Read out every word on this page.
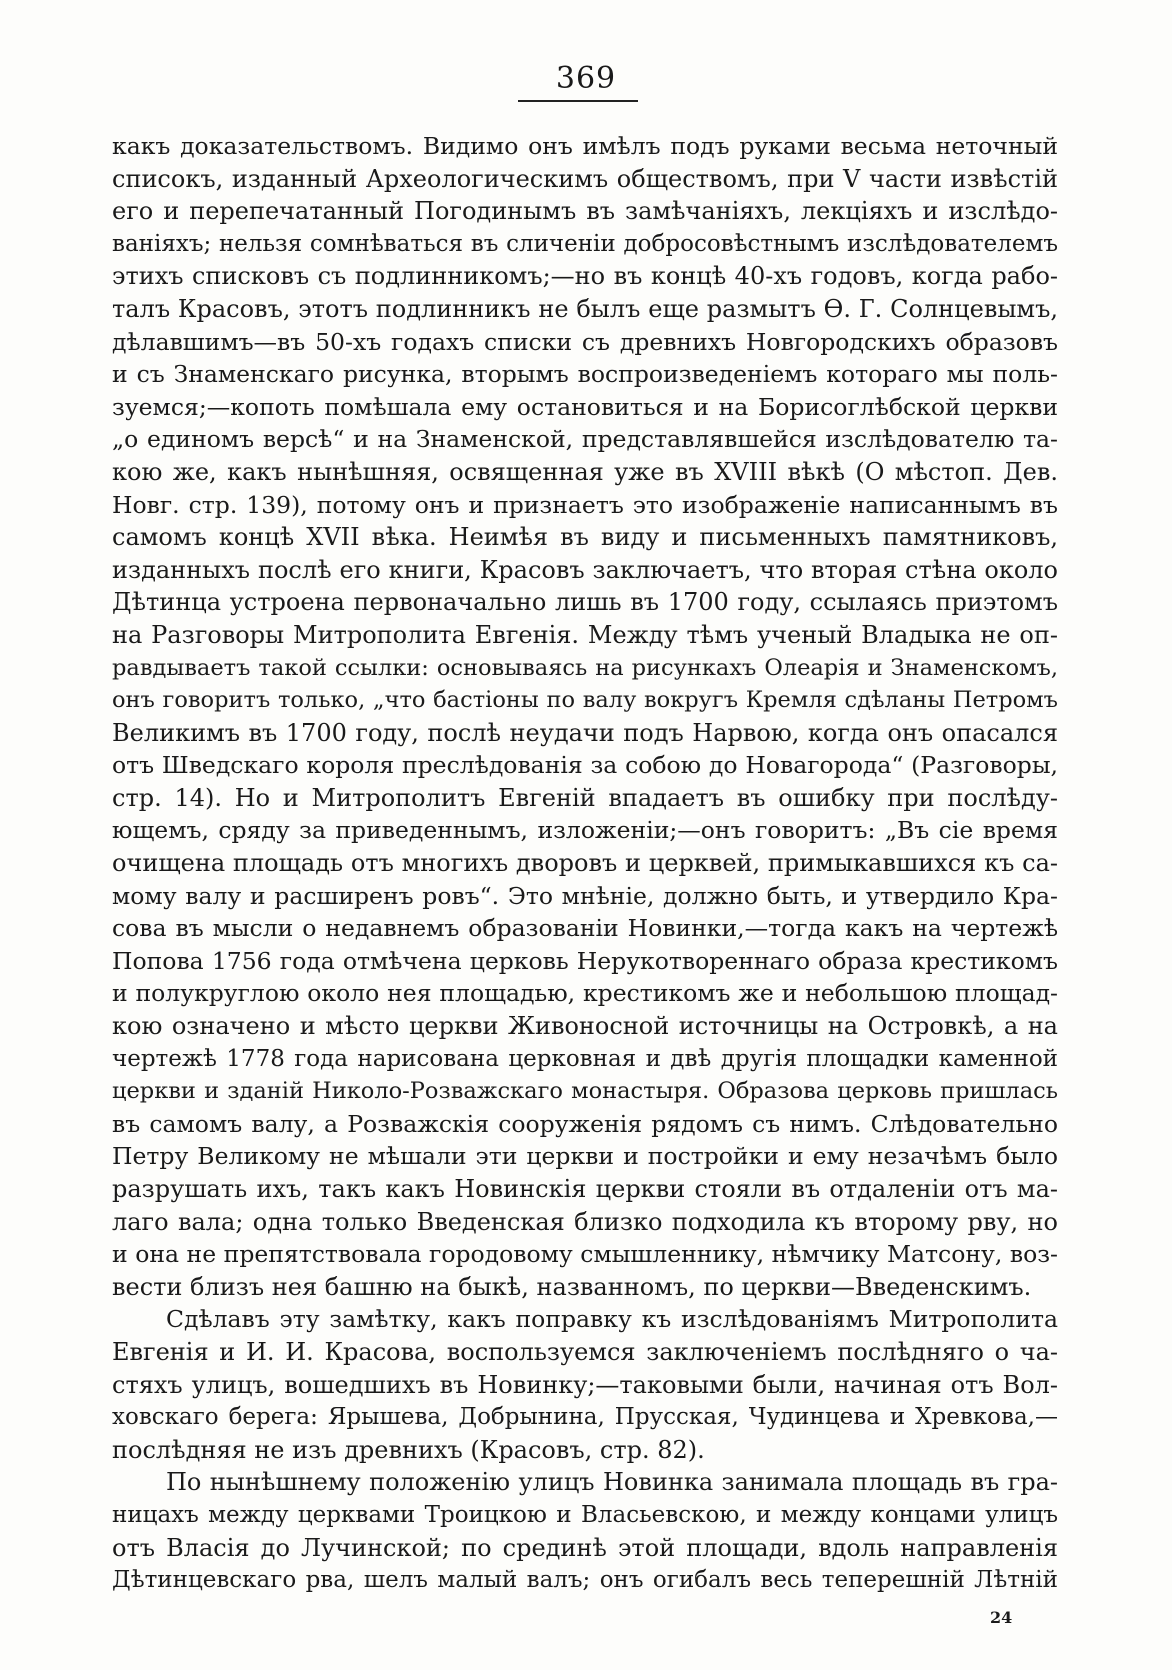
369
какъ доказательствомъ. Видимо онъ имѣлъ подъ руками весьма неточный
списокъ, изданный Археологическимъ обществомъ, при V части извѣстій
его и перепечатанный Погодинымъ въ замѣчаніяхъ, лекціяхъ и изслѣдо-
ваніяхъ; нельзя сомнѣваться въ сличеніи добросовѣстнымъ изслѣдователемъ
этихъ списковъ съ подлинникомъ;—но въ концѣ 40-хъ годовъ, когда рабо-
талъ Красовъ, этотъ подлинникъ не былъ еще размытъ Ѳ. Г. Солнцевымъ,
дѣлавшимъ—въ 50-хъ годахъ списки съ древнихъ Новгородскихъ образовъ
и съ Знаменскаго рисунка, вторымъ воспроизведеніемъ котораго мы поль-
зуемся;—копоть помѣшала ему остановиться и на Борисоглѣбской церкви
„о единомъ версѣ“ и на Знаменской, представлявшейся изслѣдователю та-
кою же, какъ нынѣшняя, освященная уже въ XVIII вѣкѣ (О мѣстоп. Дев.
Новг. стр. 139), потому онъ и признаетъ это изображеніе написаннымъ въ
самомъ концѣ XVII вѣка. Неимѣя въ виду и письменныхъ памятниковъ,
изданныхъ послѣ его книги, Красовъ заключаетъ, что вторая стѣна около
Дѣтинца устроена первоначально лишь въ 1700 году, ссылаясь приэтомъ
на Разговоры Митрополита Евгенія. Между тѣмъ ученый Владыка не оп-
равдываетъ такой ссылки: основываясь на рисункахъ Олеарія и Знаменскомъ,
онъ говоритъ только, „что бастіоны по валу вокругъ Кремля сдѣланы Петромъ
Великимъ въ 1700 году, послѣ неудачи подъ Нарвою, когда онъ опасался
отъ Шведскаго короля преслѣдованія за собою до Новагорода“ (Разговоры,
стр. 14). Но и Митрополитъ Евгеній впадаетъ въ ошибку при послѣду-
ющемъ, сряду за приведеннымъ, изложеніи;—онъ говоритъ: „Въ сіе время
очищена площадь отъ многихъ дворовъ и церквей, примыкавшихся къ са-
мому валу и расширенъ ровъ“. Это мнѣніе, должно быть, и утвердило Кра-
сова въ мысли о недавнемъ образованіи Новинки,—тогда какъ на чертежѣ
Попова 1756 года отмѣчена церковь Нерукотвореннаго образа крестикомъ
и полукруглою около нея площадью, крестикомъ же и небольшою площад-
кою означено и мѣсто церкви Живоносной источницы на Островкѣ, а на
чертежѣ 1778 года нарисована церковная и двѣ другія площадки каменной
церкви и зданій Николо-Розважскаго монастыря. Образова церковь пришлась
въ самомъ валу, а Розважскія сооруженія рядомъ съ нимъ. Слѣдовательно
Петру Великому не мѣшали эти церкви и постройки и ему незачѣмъ было
разрушать ихъ, такъ какъ Новинскія церкви стояли въ отдаленіи отъ ма-
лаго вала; одна только Введенская близко подходила къ второму рву, но
и она не препятствовала городовому смышленнику, нѣмчику Матсону, воз-
вести близъ нея башню на быкѣ, названномъ, по церкви—Введенскимъ.
Сдѣлавъ эту замѣтку, какъ поправку къ изслѣдованіямъ Митрополита
Евгенія и И. И. Красова, воспользуемся заключеніемъ послѣдняго о ча-
стяхъ улицъ, вошедшихъ въ Новинку;—таковыми были, начиная отъ Вол-
ховскаго берега: Ярышева, Добрынина, Прусская, Чудинцева и Хревкова,—
послѣдняя не изъ древнихъ (Красовъ, стр. 82).
По нынѣшнему положенію улицъ Новинка занимала площадь въ гра-
ницахъ между церквами Троицкою и Власьевскою, и между концами улицъ
отъ Власія до Лучинской; по срединѣ этой площади, вдоль направленія
Дѣтинцевскаго рва, шелъ малый валъ; онъ огибалъ весь теперешній Лѣтній
24
